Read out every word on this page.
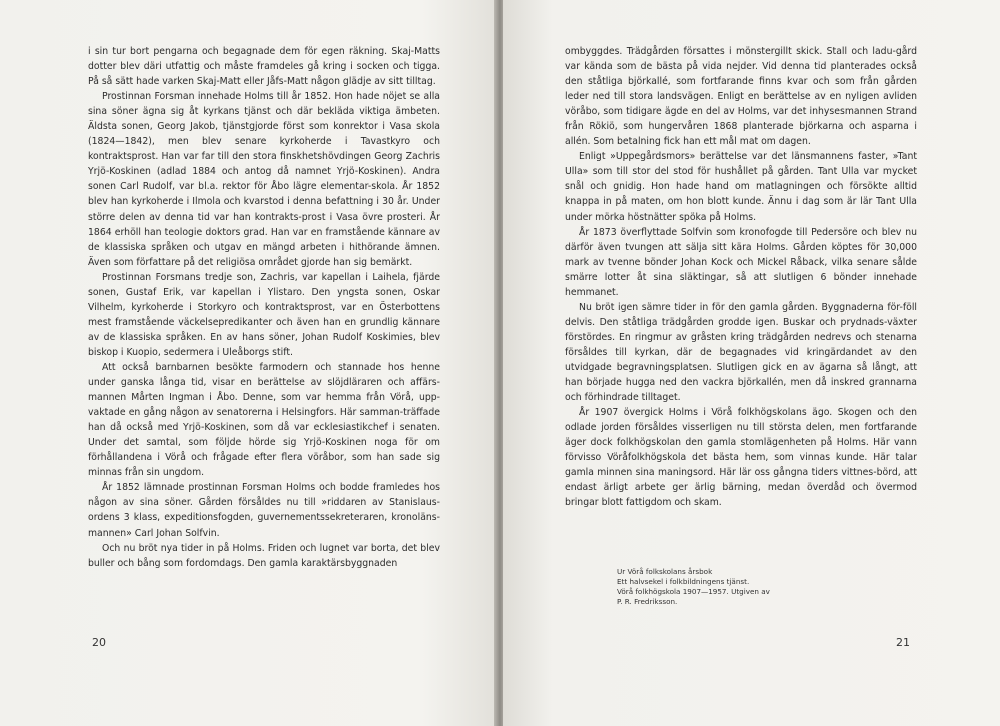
i sin tur bort pengarna och begagnade dem för egen räkning. Skaj-Matts dotter blev däri utfattig och måste framdeles gå kring i socken och tigga. På så sätt hade varken Skaj-Matt eller Jåfs-Matt någon glädje av sitt tilltag.

Prostinnan Forsman innehade Holms till år 1852. Hon hade nöjet se alla sina söner ägna sig åt kyrkans tjänst och där bekläda viktiga ämbeten. Äldsta sonen, Georg Jakob, tjänstgjorde först som konrektor i Vasa skola (1824—1842), men blev senare kyrkoherde i Tavastkyro och kontraktsprost. Han var far till den stora finskhetshövdingen Georg Zachris Yrjö-Koskinen (adlad 1884 och antog då namnet Yrjö-Koskinen). Andra sonen Carl Rudolf, var bl.a. rektor för Åbo lägre elementar-skola. År 1852 blev han kyrkoherde i Ilmola och kvarstod i denna befattning i 30 år. Under större delen av denna tid var han kontrakts-prost i Vasa övre prosteri. År 1864 erhöll han teologie doktors grad. Han var en framstående kännare av de klassiska språken och utgav en mängd arbeten i hithörande ämnen. Även som författare på det religiösa området gjorde han sig bemärkt.

Prostinnan Forsmans tredje son, Zachris, var kapellan i Laihela, fjärde sonen, Gustaf Erik, var kapellan i Ylistaro. Den yngsta sonen, Oskar Vilhelm, kyrkoherde i Storkyro och kontraktsprost, var en Österbottens mest framstående väckelsepredikanter och även han en grundlig kännare av de klassiska språken. En av hans söner, Johan Rudolf Koskimies, blev biskop i Kuopio, sedermera i Uleåborgs stift.

Att också barnbarnen besökte farmodern och stannade hos henne under ganska långa tid, visar en berättelse av slöjdläraren och affärs-mannen Mårten Ingman i Åbo. Denne, som var hemma från Vörå, upp-vaktade en gång någon av senatorerna i Helsingfors. Här samman-träffade han då också med Yrjö-Koskinen, som då var ecklesiastikchef i senaten. Under det samtal, som följde hörde sig Yrjö-Koskinen noga för om förhållandena i Vörå och frågade efter flera vöråbor, som han sade sig minnas från sin ungdom.

År 1852 lämnade prostinnan Forsman Holms och bodde framledes hos någon av sina söner. Gården försåldes nu till »riddaren av Stanislaus-ordens 3 klass, expeditionsfogden, guvernementssekreteraren, kronoläns-mannen» Carl Johan Solfvin.

Och nu bröt nya tider in på Holms. Friden och lugnet var borta, det blev buller och bång som fordomdags. Den gamla karaktärsbyggnaden

20

ombyggdes. Trädgården försattes i mönstergillt skick. Stall och ladu-gård var kända som de bästa på vida nejder. Vid denna tid planterades också den ståtliga björkallé, som fortfarande finns kvar och som från gården leder ned till stora landsvägen. Enligt en berättelse av en nyligen avliden vöråbo, som tidigare ägde en del av Holms, var det inhysesmannen Strand från Rökiö, som hungervåren 1868 planterade björkarna och asparna i allén. Som betalning fick han ett mål mat om dagen.

Enligt »Uppegårdsmors» berättelse var det länsmannens faster, »Tant Ulla» som till stor del stod för hushållet på gården. Tant Ulla var mycket snål och gnidig. Hon hade hand om matlagningen och försökte alltid knappa in på maten, om hon blott kunde. Ännu i dag som är lär Tant Ulla under mörka höstnätter spöka på Holms.

År 1873 överflyttade Solfvin som kronofogde till Pedersöre och blev nu därför även tvungen att sälja sitt kära Holms. Gården köptes för 30,000 mark av tvenne bönder Johan Kock och Mickel Råback, vilka senare sålde smärre lotter åt sina släktingar, så att slutligen 6 bönder innehade hemmanet.

Nu bröt igen sämre tider in för den gamla gården. Byggnaderna för-föll delvis. Den ståtliga trädgården grodde igen. Buskar och prydnads-växter förstördes. En ringmur av gråsten kring trädgården nedrevs och stenarna försåldes till kyrkan, där de begagnades vid kringärdandet av den utvidgade begravningsplatsen. Slutligen gick en av ägarna så långt, att han började hugga ned den vackra björkallén, men då inskred grannarna och förhindrade tilltaget.

År 1907 övergick Holms i Vörå folkhögskolans ägo. Skogen och den odlade jorden försåldes visserligen nu till största delen, men fortfarande äger dock folkhögskolan den gamla stomlägenheten på Holms. Här vann förvisso Vöråfolkhögskola det bästa hem, som vinnas kunde. Här talar gamla minnen sina maningsord. Här lär oss gångna tiders vittnes-börd, att endast ärligt arbete ger ärlig bärning, medan överdåd och övermod bringar blott fattigdom och skam.

Ur Vörå folkskolans årsbok
Ett halvsekel i folkbildningens tjänst.
Vörå folkhögskola 1907—1957. Utgiven av
P. R. Fredriksson.
21
